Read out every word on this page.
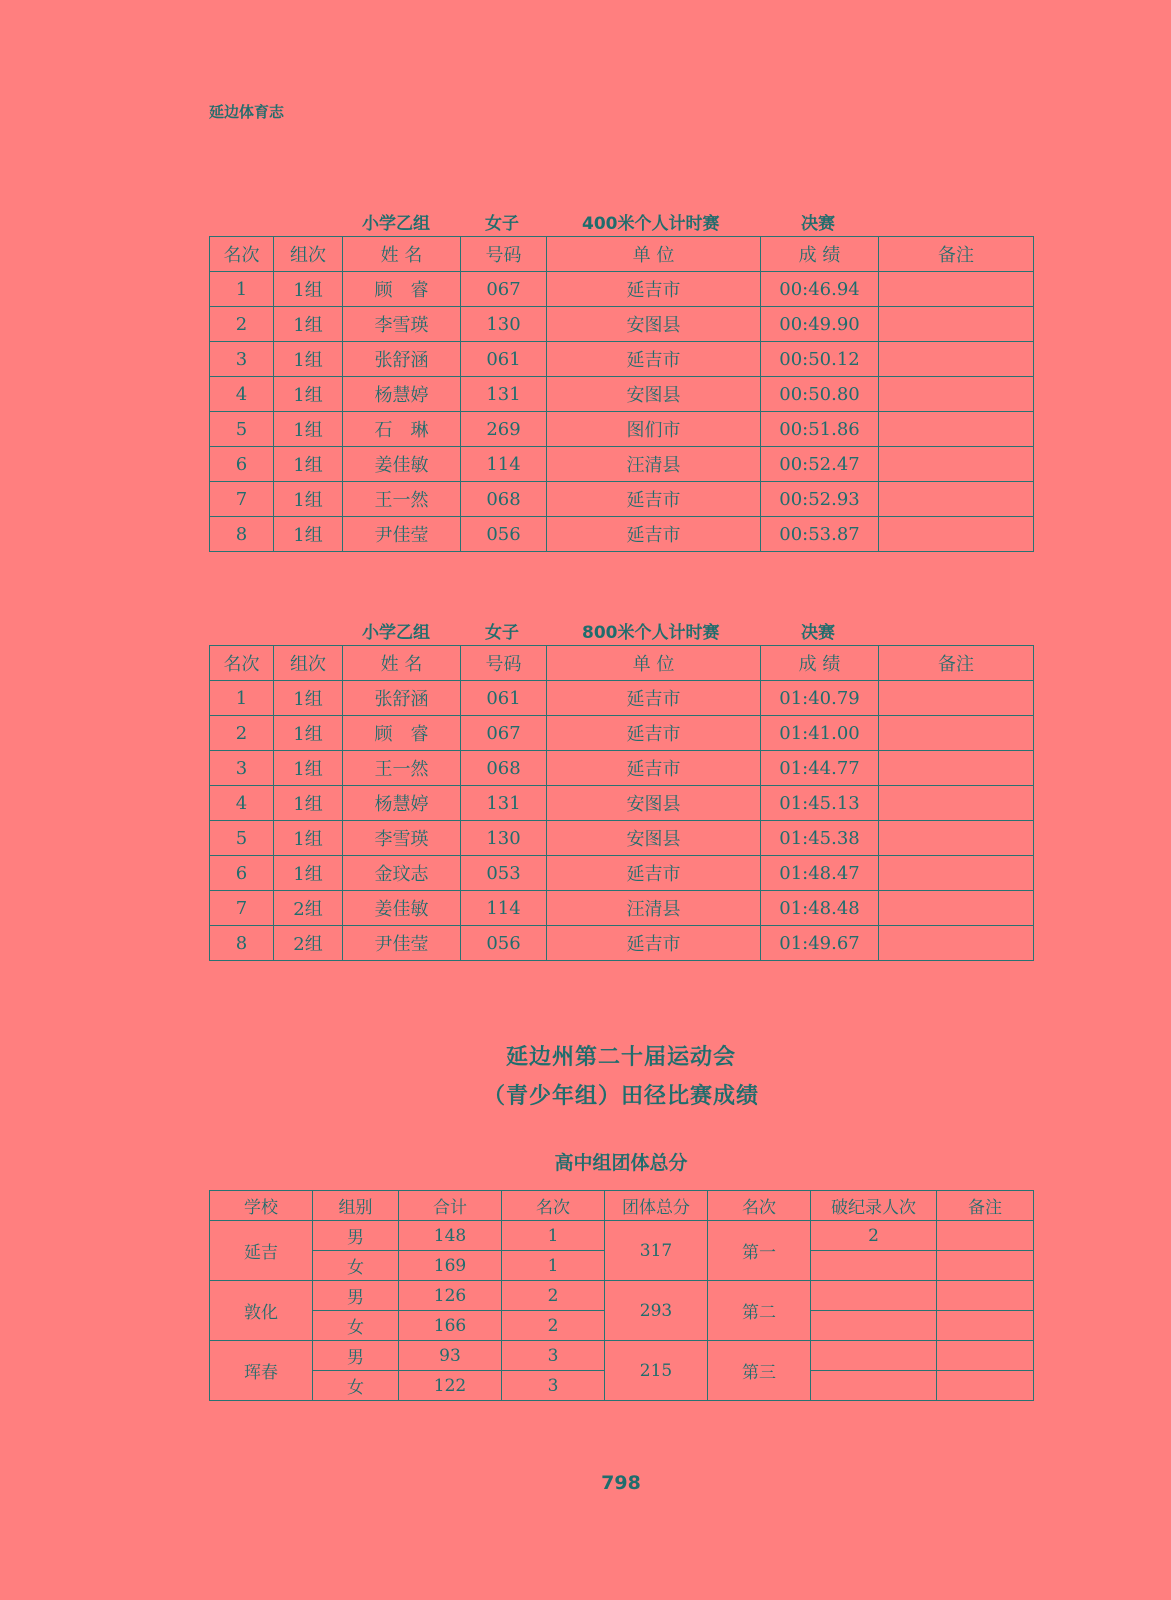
延边体育志
小学乙组	女子	400米个人计时赛	决赛
名次	组次	姓 名	号码	单 位	成 绩	备注
1	1组	顾　睿	067	延吉市	00:46.94	
2	1组	李雪瑛	130	安图县	00:49.90	
3	1组	张舒涵	061	延吉市	00:50.12	
4	1组	杨慧婷	131	安图县	00:50.80	
5	1组	石　琳	269	图们市	00:51.86	
6	1组	姜佳敏	114	汪清县	00:52.47	
7	1组	王一然	068	延吉市	00:52.93	
8	1组	尹佳莹	056	延吉市	00:53.87	
小学乙组	女子	800米个人计时赛	决赛
名次	组次	姓 名	号码	单 位	成 绩	备注
1	1组	张舒涵	061	延吉市	01:40.79	
2	1组	顾　睿	067	延吉市	01:41.00	
3	1组	王一然	068	延吉市	01:44.77	
4	1组	杨慧婷	131	安图县	01:45.13	
5	1组	李雪瑛	130	安图县	01:45.38	
6	1组	金玟志	053	延吉市	01:48.47	
7	2组	姜佳敏	114	汪清县	01:48.48	
8	2组	尹佳莹	056	延吉市	01:49.67	
延边州第二十届运动会
（青少年组）田径比赛成绩
高中组团体总分
学校	组别	合计	名次	团体总分	名次	破纪录人次	备注
延吉	男	148	1	317	第一	2	
	女	169	1				
敦化	男	126	2	293	第二		
	女	166	2				
珲春	男	93	3	215	第三		
	女	122	3				
798
